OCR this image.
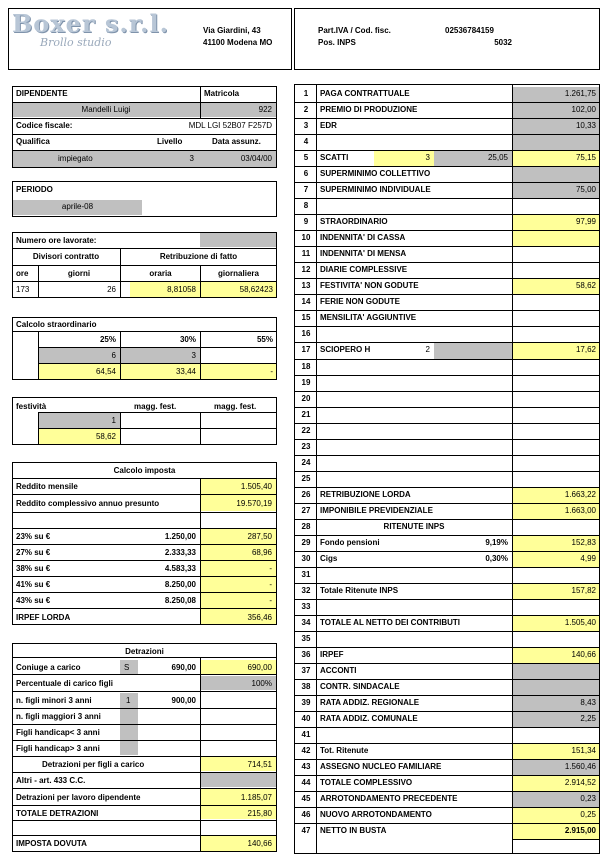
Boxer s.r.l.
Brollo studio
Via Giardini, 43
41100 Modena MO
Part.IVA / Cod. fisc.	02536784159
Pos. INPS	5032
DIPENDENTE	Matricola
Mandelli Luigi	922
Codice fiscale:	MDL LGI 52B07 F257D
Qualifica	Livello	Data assunz.
impiegato	3	03/04/00
PERIODO
aprile-08
Numero ore lavorate:
Divisori contratto	Retribuzione di fatto
ore	giorni	oraria	giornaliera
173	26	8,81058	58,62423
Calcolo straordinario
25%	30%	55%
6	3
64,54	33,44	-
festività	magg. fest.	magg. fest.
1
58,62
Calcolo imposta
Reddito mensile	1.505,40
Reddito complessivo annuo presunto	19.570,19
23% su €	1.250,00	287,50
27% su €	2.333,33	68,96
38% su €	4.583,33	-
41% su €	8.250,00	-
43% su €	8.250,08	-
IRPEF LORDA	356,46
Detrazioni
Coniuge a carico	S	690,00	690,00
Percentuale di carico figli	100%
n. figli minori 3 anni	1	900,00
n. figli maggiori 3 anni
Figli handicap< 3 anni
Figli handicap> 3 anni
Detrazioni per figli a carico	714,51
Altri - art. 433 C.C.
Detrazioni per lavoro dipendente	1.185,07
TOTALE DETRAZIONI	215,80
IMPOSTA DOVUTA	140,66
1	PAGA CONTRATTUALE	1.261,75
2	PREMIO DI PRODUZIONE	102,00
3	EDR	10,33
4
5	SCATTI	3	25,05	75,15
6	SUPERMINIMO COLLETTIVO
7	SUPERMINIMO INDIVIDUALE	75,00
8
9	STRAORDINARIO	97,99
10	INDENNITA' DI CASSA
11	INDENNITA' DI MENSA
12	DIARIE COMPLESSIVE
13	FESTIVITA' NON GODUTE	58,62
14	FERIE NON GODUTE
15	MENSILITA' AGGIUNTIVE
16
17	SCIOPERO H	2	17,62
18
19
20
21
22
23
24
25
26	RETRIBUZIONE LORDA	1.663,22
27	IMPONIBILE PREVIDENZIALE	1.663,00
28	RITENUTE INPS
29	Fondo pensioni	9,19%	152,83
30	Cigs	0,30%	4,99
31
32	Totale Ritenute INPS	157,82
33
34	TOTALE AL NETTO DEI CONTRIBUTI	1.505,40
35
36	IRPEF	140,66
37	ACCONTI
38	CONTR. SINDACALE
39	RATA ADDIZ. REGIONALE	8,43
40	RATA ADDIZ. COMUNALE	2,25
41
42	Tot. Ritenute	151,34
43	ASSEGNO NUCLEO FAMILIARE	1.560,46
44	TOTALE COMPLESSIVO	2.914,52
45	ARROTONDAMENTO PRECEDENTE	0,23
46	NUOVO ARROTONDAMENTO	0,25
47	NETTO IN BUSTA	2.915,00
